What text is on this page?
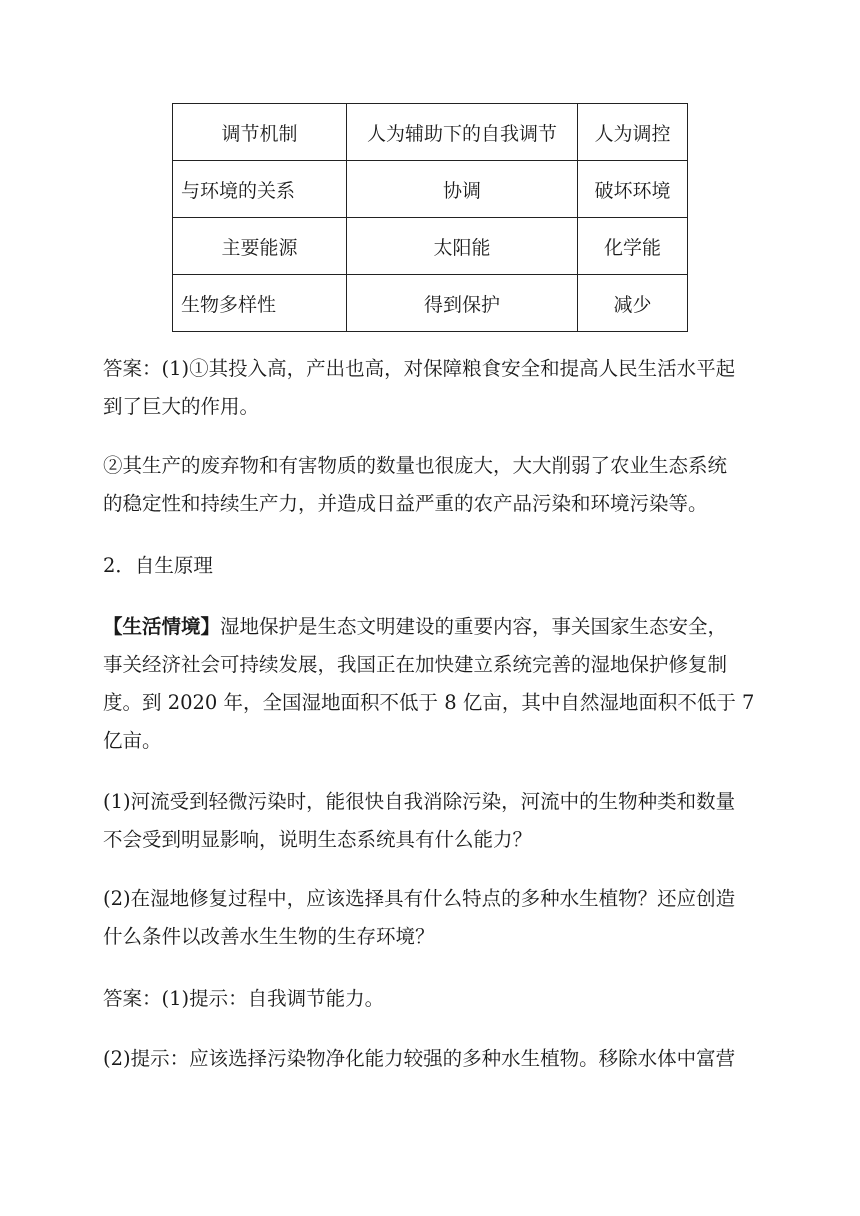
调节机制	人为辅助下的自我调节	人为调控
与环境的关系	协调	破坏环境
主要能源	太阳能	化学能
生物多样性	得到保护	减少
答案：(1)①其投入高，产出也高，对保障粮食安全和提高人民生活水平起
到了巨大的作用。
②其生产的废弃物和有害物质的数量也很庞大，大大削弱了农业生态系统
的稳定性和持续生产力，并造成日益严重的农产品污染和环境污染等。
2．自生原理
【生活情境】湿地保护是生态文明建设的重要内容，事关国家生态安全，
事关经济社会可持续发展，我国正在加快建立系统完善的湿地保护修复制
度。到 2020 年，全国湿地面积不低于 8 亿亩，其中自然湿地面积不低于 7
亿亩。
(1)河流受到轻微污染时，能很快自我消除污染，河流中的生物种类和数量
不会受到明显影响，说明生态系统具有什么能力？
(2)在湿地修复过程中，应该选择具有什么特点的多种水生植物？还应创造
什么条件以改善水生生物的生存环境？
答案：(1)提示：自我调节能力。
(2)提示：应该选择污染物净化能力较强的多种水生植物。移除水体中富营
